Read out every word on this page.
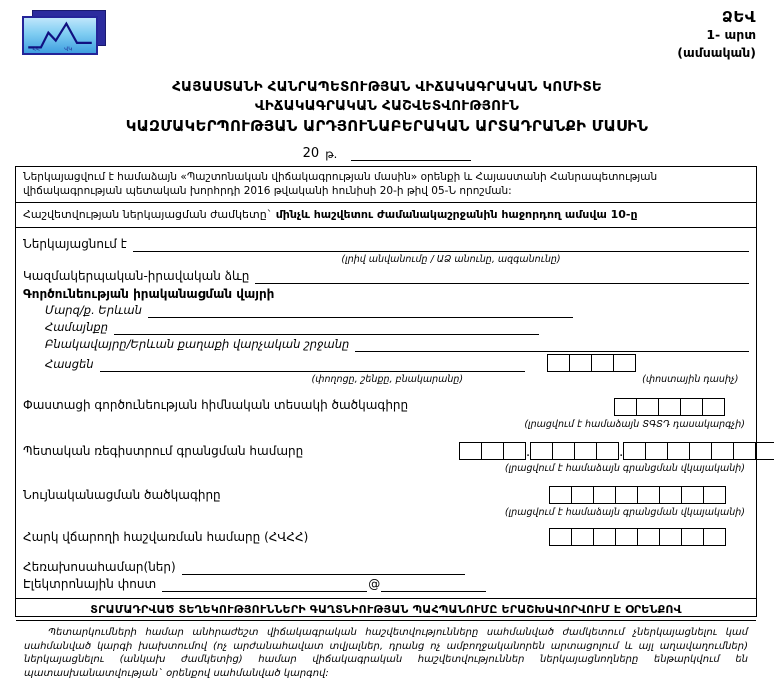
ՀՀ	ՎԿ
ՁԵՎ
1- արտ
(ամսական)
ՀԱՅԱՍՏԱՆԻ ՀԱՆՐԱՊԵՏՈՒԹՅԱՆ ՎԻՃԱԿԱԳՐԱԿԱՆ ԿՈՄԻՏԵ
ՎԻՃԱԿԱԳՐԱԿԱՆ ՀԱՇՎԵՏՎՈՒԹՅՈՒՆ
ԿԱԶՄԱԿԵՐՊՈՒԹՅԱՆ ԱՐԴՅՈՒՆԱԲԵՐԱԿԱՆ ԱՐՏԱԴՐԱՆՔԻ ՄԱՍԻՆ
20 թ.
Ներկայացվում է համաձայն «Պաշտոնական վիճակագրության մասին» օրենքի և Հայաստանի Հանրապետության վիճակագրության պետական խորհրդի 2016 թվականի հունիսի 20-ի թիվ 05-Ն որոշման:
Հաշվետվության ներկայացման ժամկետը` մինչև հաշվետու ժամանակաշրջանին հաջորդող ամսվա 10-ը
Ներկայացնում է
(լրիվ անվանումը / ԱՁ անունը, ազգանունը)
Կազմակերպական-իրավական ձևը
Գործունեության իրականացման վայրի
Մարզ/ք. Երևան
Համայնքը
Բնակավայրը/Երևան քաղաքի վարչական շրջանը
Հասցեն
(փողոցը, շենքը, բնակարանը)	(փոստային դասիչ)
Փաստացի գործունեության հիմնական տեսակի ծածկագիրը
(լրացվում է համաձայն ՏԳՏԴ դասակարգչի)
Պետական ռեգիստրում գրանցման համարը	.	.
(լրացվում է համաձայն գրանցման վկայականի)
Նույնականացման ծածկագիրը
(լրացվում է համաձայն գրանցման վկայականի)
Հարկ վճարողի հաշվառման համարը (ՀՎՀՀ)
Հեռախոսահամար(ներ)
Էլեկտրոնային փոստ	@
ՏՐԱՄԱԴՐՎԱԾ ՏԵՂԵԿՈՒԹՅՈՒՆՆԵՐԻ ԳԱՂՏՆԻՈՒԹՅԱՆ ՊԱՀՊԱՆՈՒՄԸ ԵՐԱՇԽԱՎՈՐՎՈՒՄ Է ՕՐԵՆՔՈՎ
Պետարկումների համար անհրաժեշտ վիճակագրական հաշվետվությունները սահմանված ժամկետում չներկայացնելու կամ սահմանված կարգի խախտումով (ոչ արժանահավատ տվյալներ, դրանց ոչ ամբողջականորեն արտացոլում և այլ աղավաղումներ) ներկայացնելու (անկախ ժամկետից) համար վիճակագրական հաշվետվություններ ներկայացնողները ենթարկվում են պատասխանատվության` օրենքով սահմանված կարգով:
